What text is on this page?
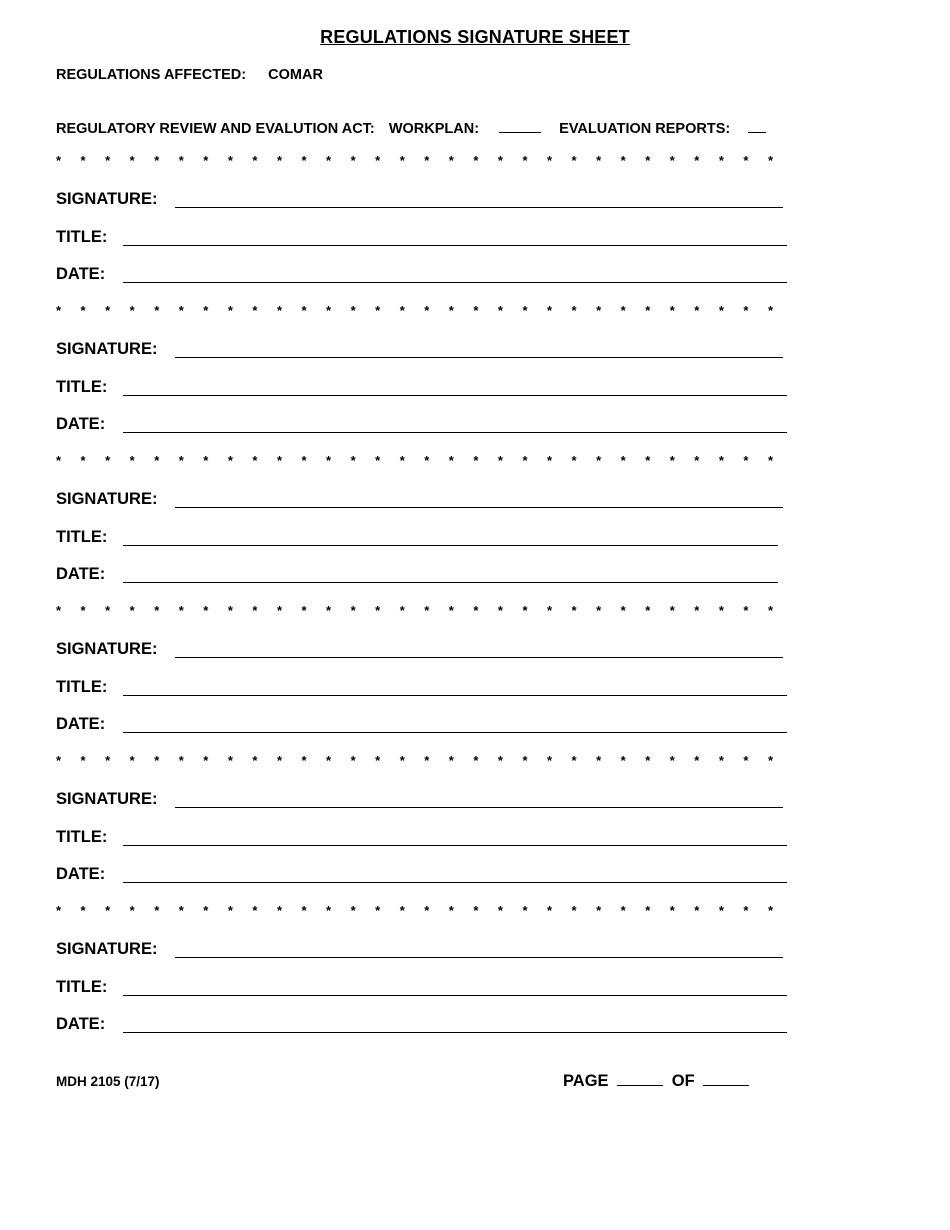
REGULATIONS SIGNATURE SHEET
REGULATIONS AFFECTED: COMAR
REGULATORY REVIEW AND EVALUTION ACT: WORKPLAN:	EVALUATION REPORTS:
* * * * * * * * * * * * * * * * * * * * * * * * * * * * * *
SIGNATURE:
TITLE:
DATE:
* * * * * * * * * * * * * * * * * * * * * * * * * * * * * *
SIGNATURE:
TITLE:
DATE:
* * * * * * * * * * * * * * * * * * * * * * * * * * * * * *
SIGNATURE:
TITLE:
DATE:
* * * * * * * * * * * * * * * * * * * * * * * * * * * * * *
SIGNATURE:
TITLE:
DATE:
* * * * * * * * * * * * * * * * * * * * * * * * * * * * * *
SIGNATURE:
TITLE:
DATE:
* * * * * * * * * * * * * * * * * * * * * * * * * * * * * *
SIGNATURE:
TITLE:
DATE:
MDH 2105 (7/17)	PAGE	OF
